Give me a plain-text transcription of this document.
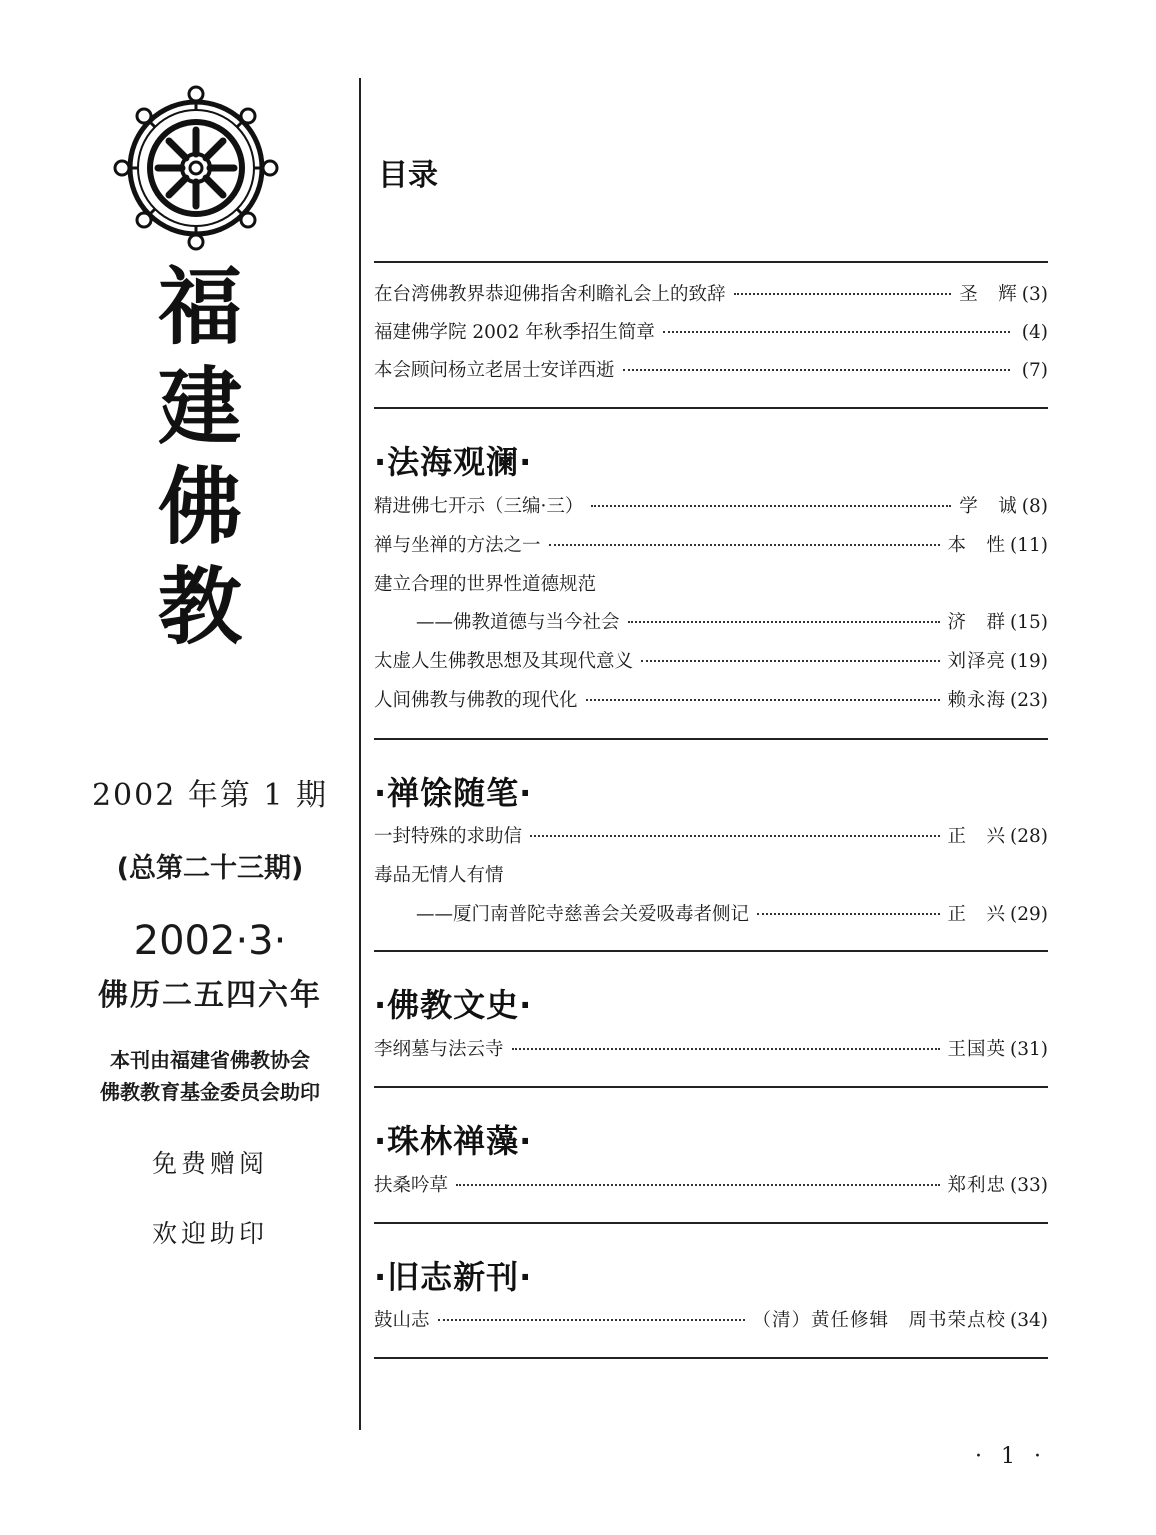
福
建
佛
教
2002 年第 1 期
(总第二十三期)
2002·3·
佛历二五四六年
本刊由福建省佛教协会
佛教教育基金委员会助印
免费赠阅
欢迎助印
目录
在台湾佛教界恭迎佛指舍利瞻礼会上的致辞	圣　辉 (3)
福建佛学院 2002 年秋季招生简章	(4)
本会顾问杨立老居士安详西逝	(7)
·法海观澜·
精进佛七开示（三编·三）	学　诚 (8)
禅与坐禅的方法之一	本　性 (11)
建立合理的世界性道德规范
——佛教道德与当今社会	济　群 (15)
太虚人生佛教思想及其现代意义	刘泽亮 (19)
人间佛教与佛教的现代化	赖永海 (23)
·禅馀随笔·
一封特殊的求助信	正　兴 (28)
毒品无情人有情
——厦门南普陀寺慈善会关爱吸毒者侧记	正　兴 (29)
·佛教文史·
李纲墓与法云寺	王国英 (31)
·珠林禅藻·
扶桑吟草	郑利忠 (33)
·旧志新刊·
鼓山志	（清）黄任修辑　周书荣点校 (34)
· 1 ·
